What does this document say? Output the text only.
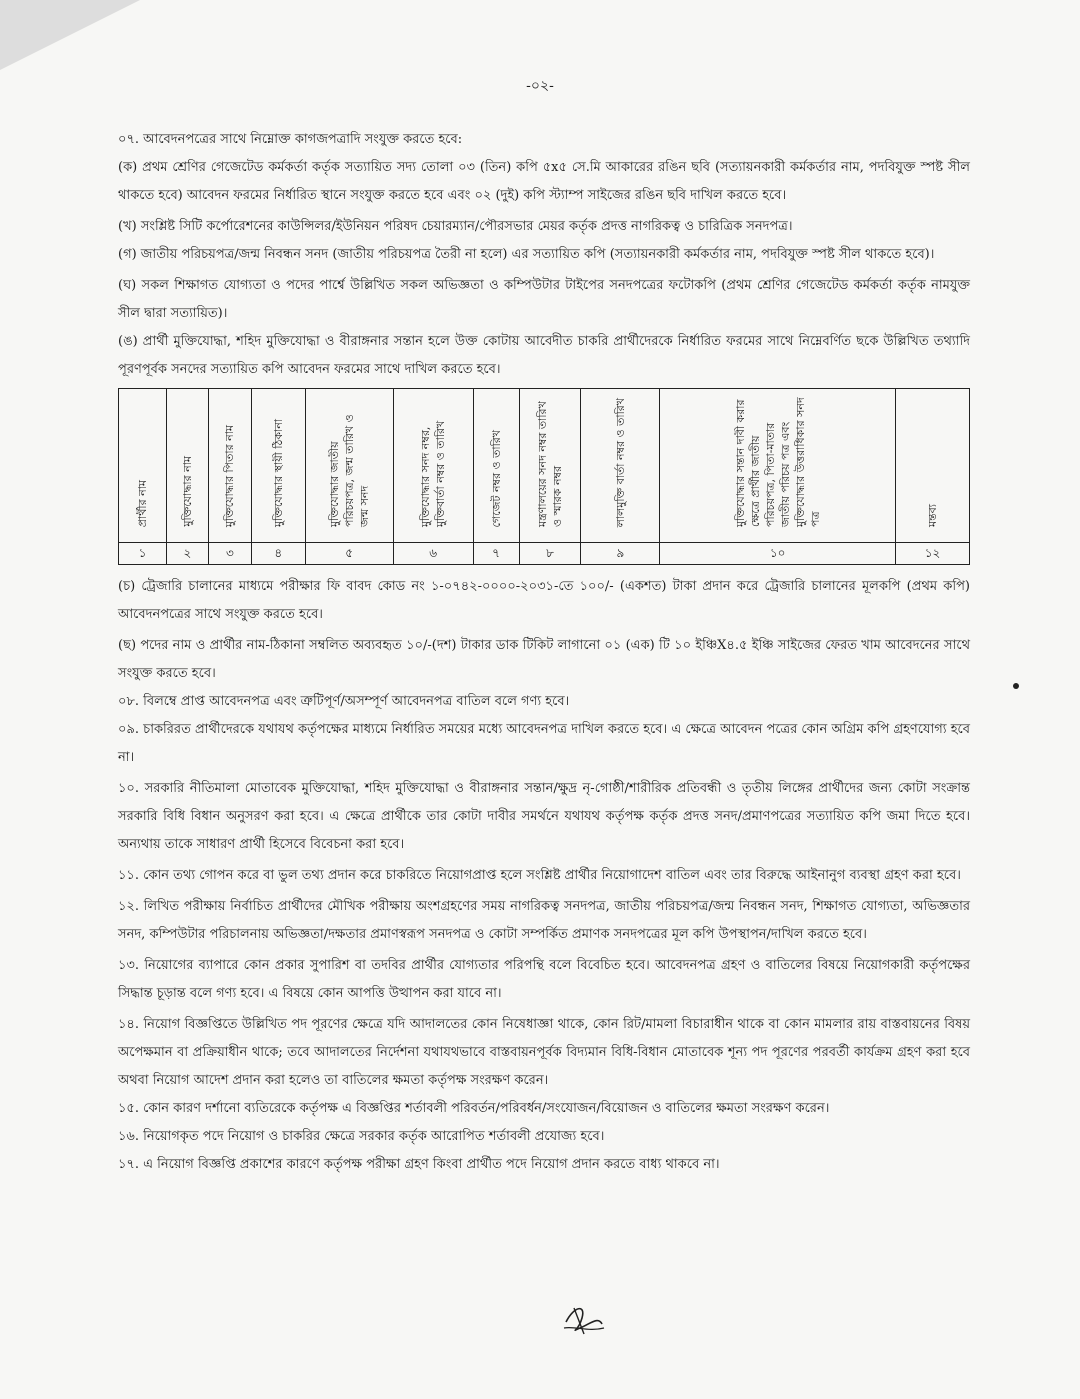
-০২-

০৭. আবেদনপত্রের সাথে নিম্নোক্ত কাগজপত্রাদি সংযুক্ত করতে হবে:

(ক) প্রথম শ্রেণির গেজেটেড কর্মকর্তা কর্তৃক সত্যায়িত সদ্য তোলা ০৩ (তিন) কপি ৫x৫ সে.মি আকারের রঙিন ছবি (সত্যায়নকারী কর্মকর্তার নাম, পদবিযুক্ত স্পষ্ট সীল থাকতে হবে) আবেদন ফরমের নির্ধারিত স্থানে সংযুক্ত করতে হবে এবং ০২ (দুই) কপি স্ট্যাম্প সাইজের রঙিন ছবি দাখিল করতে হবে।

(খ) সংশ্লিষ্ট সিটি কর্পোরেশনের কাউন্সিলর/ইউনিয়ন পরিষদ চেয়ারম্যান/পৌরসভার মেয়র কর্তৃক প্রদত্ত নাগরিকত্ব ও চারিত্রিক সনদপত্র।

(গ) জাতীয় পরিচয়পত্র/জন্ম নিবন্ধন সনদ (জাতীয় পরিচয়পত্র তৈরী না হলে) এর সত্যায়িত কপি (সত্যায়নকারী কর্মকর্তার নাম, পদবিযুক্ত স্পষ্ট সীল থাকতে হবে)।

(ঘ) সকল শিক্ষাগত যোগ্যতা ও পদের পার্শ্বে উল্লিখিত সকল অভিজ্ঞতা ও কম্পিউটার টাইপের সনদপত্রের ফটোকপি (প্রথম শ্রেণির গেজেটেড কর্মকর্তা কর্তৃক নামযুক্ত সীল দ্বারা সত্যায়িত)।

(ঙ) প্রার্থী মুক্তিযোদ্ধা, শহিদ মুক্তিযোদ্ধা ও বীরাঙ্গনার সন্তান হলে উক্ত কোটায় আবেদীত চাকরি প্রার্থীদেরকে নির্ধারিত ফরমের সাথে নিম্নেবর্ণিত ছকে উল্লিখিত তথ্যাদি পূরণপূর্বক সনদের সত্যায়িত কপি আবেদন ফরমের সাথে দাখিল করতে হবে।

প্রার্থীর নাম	মুক্তিযোদ্ধার নাম	মুক্তিযোদ্ধার পিতার নাম	মুক্তিযোদ্ধার স্থায়ী ঠিকানা	মুক্তিযোদ্ধার জাতীয় পরিচয়পত্র, জন্ম তারিখ ও জন্ম সনদ	মুক্তিযোদ্ধার সনদ নম্বর, মুক্তিবার্তা নম্বর ও তারিখ	গেজেট নম্বর ও তারিখ	মন্ত্রণালয়ের সনদ নম্বর তারিখ ও স্মারক নম্বর	লালমুক্তি বার্তা নম্বর ও তারিখ	মুক্তিযোদ্ধার সন্তান দাবী করার ক্ষেত্রে প্রার্থীর জাতীয় পরিচয়পত্র, পিতা-মাতার জাতীয় পরিচয় পত্র এবং মুক্তিযোদ্ধার উত্তরাধিকার সনদ পত্র	মন্তব্য
১	২	৩	৪	৫	৬	৭	৮	৯	১০	১২

(চ) ট্রেজারি চালানের মাধ্যমে পরীক্ষার ফি বাবদ কোড নং ১-০৭৪২-০০০০-২০৩১-তে ১০০/- (একশত) টাকা প্রদান করে ট্রেজারি চালানের মূলকপি (প্রথম কপি) আবেদনপত্রের সাথে সংযুক্ত করতে হবে।

(ছ) পদের নাম ও প্রার্থীর নাম-ঠিকানা সম্বলিত অব্যবহৃত ১০/-(দশ) টাকার ডাক টিকিট লাগানো ০১ (এক) টি ১০ ইঞ্চিX৪.৫ ইঞ্চি সাইজের ফেরত খাম আবেদনের সাথে সংযুক্ত করতে হবে।

০৮. বিলম্বে প্রাপ্ত আবেদনপত্র এবং ত্রুটিপূর্ণ/অসম্পূর্ণ আবেদনপত্র বাতিল বলে গণ্য হবে।

০৯. চাকরিরত প্রার্থীদেরকে যথাযথ কর্তৃপক্ষের মাধ্যমে নির্ধারিত সময়ের মধ্যে আবেদনপত্র দাখিল করতে হবে। এ ক্ষেত্রে আবেদন পত্রের কোন অগ্রিম কপি গ্রহণযোগ্য হবে না।

১০. সরকারি নীতিমালা মোতাবেক মুক্তিযোদ্ধা, শহিদ মুক্তিযোদ্ধা ও বীরাঙ্গনার সন্তান/ক্ষুদ্র নৃ-গোষ্ঠী/শারীরিক প্রতিবন্ধী ও তৃতীয় লিঙ্গের প্রার্থীদের জন্য কোটা সংক্রান্ত সরকারি বিধি বিধান অনুসরণ করা হবে। এ ক্ষেত্রে প্রার্থীকে তার কোটা দাবীর সমর্থনে যথাযথ কর্তৃপক্ষ কর্তৃক প্রদত্ত সনদ/প্রমাণপত্রের সত্যায়িত কপি জমা দিতে হবে। অন্যথায় তাকে সাধারণ প্রার্থী হিসেবে বিবেচনা করা হবে।

১১. কোন তথ্য গোপন করে বা ভুল তথ্য প্রদান করে চাকরিতে নিয়োগপ্রাপ্ত হলে সংশ্লিষ্ট প্রার্থীর নিয়োগাদেশ বাতিল এবং তার বিরুদ্ধে আইনানুগ ব্যবস্থা গ্রহণ করা হবে।

১২. লিখিত পরীক্ষায় নির্বাচিত প্রার্থীদের মৌখিক পরীক্ষায় অংশগ্রহণের সময় নাগরিকত্ব সনদপত্র, জাতীয় পরিচয়পত্র/জন্ম নিবন্ধন সনদ, শিক্ষাগত যোগ্যতা, অভিজ্ঞতার সনদ, কম্পিউটার পরিচালনায় অভিজ্ঞতা/দক্ষতার প্রমাণস্বরূপ সনদপত্র ও কোটা সম্পর্কিত প্রমাণক সনদপত্রের মূল কপি উপস্থাপন/দাখিল করতে হবে।

১৩. নিয়োগের ব্যাপারে কোন প্রকার সুপারিশ বা তদবির প্রার্থীর যোগ্যতার পরিপন্থি বলে বিবেচিত হবে। আবেদনপত্র গ্রহণ ও বাতিলের বিষয়ে নিয়োগকারী কর্তৃপক্ষের সিদ্ধান্ত চূড়ান্ত বলে গণ্য হবে। এ বিষয়ে কোন আপত্তি উত্থাপন করা যাবে না।

১৪. নিয়োগ বিজ্ঞপ্তিতে উল্লিখিত পদ পূরণের ক্ষেত্রে যদি আদালতের কোন নিষেধাজ্ঞা থাকে, কোন রিট/মামলা বিচারাধীন থাকে বা কোন মামলার রায় বাস্তবায়নের বিষয় অপেক্ষমান বা প্রক্রিয়াধীন থাকে; তবে আদালতের নির্দেশনা যথাযথভাবে বাস্তবায়নপূর্বক বিদ্যমান বিধি-বিধান মোতাবেক শূন্য পদ পূরণের পরবর্তী কার্যক্রম গ্রহণ করা হবে অথবা নিয়োগ আদেশ প্রদান করা হলেও তা বাতিলের ক্ষমতা কর্তৃপক্ষ সংরক্ষণ করেন।

১৫. কোন কারণ দর্শানো ব্যতিরেকে কর্তৃপক্ষ এ বিজ্ঞপ্তির শর্তাবলী পরিবর্তন/পরিবর্ধন/সংযোজন/বিয়োজন ও বাতিলের ক্ষমতা সংরক্ষণ করেন।

১৬. নিয়োগকৃত পদে নিয়োগ ও চাকরির ক্ষেত্রে সরকার কর্তৃক আরোপিত শর্তাবলী প্রযোজ্য হবে।

১৭. এ নিয়োগ বিজ্ঞপ্তি প্রকাশের কারণে কর্তৃপক্ষ পরীক্ষা গ্রহণ কিংবা প্রার্থীত পদে নিয়োগ প্রদান করতে বাধ্য থাকবে না।
